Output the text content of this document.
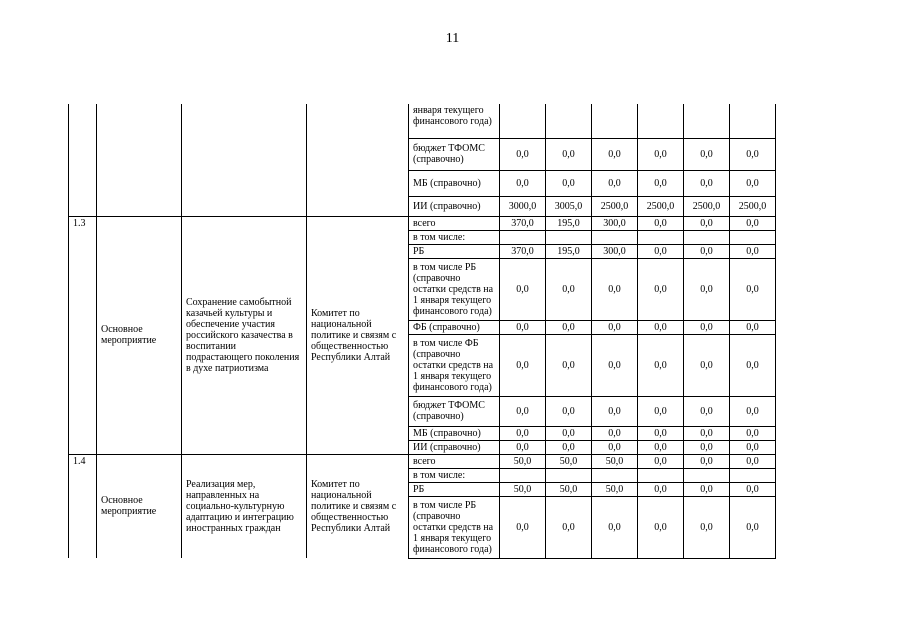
11
				января текущего финансового года)						
				бюджет ТФОМС (справочно)	0,0	0,0	0,0	0,0	0,0	0,0
				МБ (справочно)	0,0	0,0	0,0	0,0	0,0	0,0
				ИИ (справочно)	3000,0	3005,0	2500,0	2500,0	2500,0	2500,0
1.3	Основное мероприятие	Сохранение самобытной казачьей культуры и обеспечение участия российского казачества в воспитании подрастающего поколения в духе патриотизма	Комитет по национальной политике и связям с общественностью Республики Алтай	всего	370,0	195,0	300,0	0,0	0,0	0,0
				в том числе:						
				РБ	370,0	195,0	300,0	0,0	0,0	0,0
				в том числе РБ (справочно остатки средств на 1 января текущего финансового года)	0,0	0,0	0,0	0,0	0,0	0,0
				ФБ (справочно)	0,0	0,0	0,0	0,0	0,0	0,0
				в том числе ФБ (справочно остатки средств на 1 января текущего финансового года)	0,0	0,0	0,0	0,0	0,0	0,0
				бюджет ТФОМС (справочно)	0,0	0,0	0,0	0,0	0,0	0,0
				МБ (справочно)	0,0	0,0	0,0	0,0	0,0	0,0
				ИИ (справочно)	0,0	0,0	0,0	0,0	0,0	0,0
1.4	Основное мероприятие	Реализация мер, направленных на социально-культурную адаптацию и интеграцию иностранных граждан	Комитет по национальной политике и связям с общественностью Республики Алтай	всего	50,0	50,0	50,0	0,0	0,0	0,0
				в том числе:						
				РБ	50,0	50,0	50,0	0,0	0,0	0,0
				в том числе РБ (справочно остатки средств на 1 января текущего финансового года)	0,0	0,0	0,0	0,0	0,0	0,0
